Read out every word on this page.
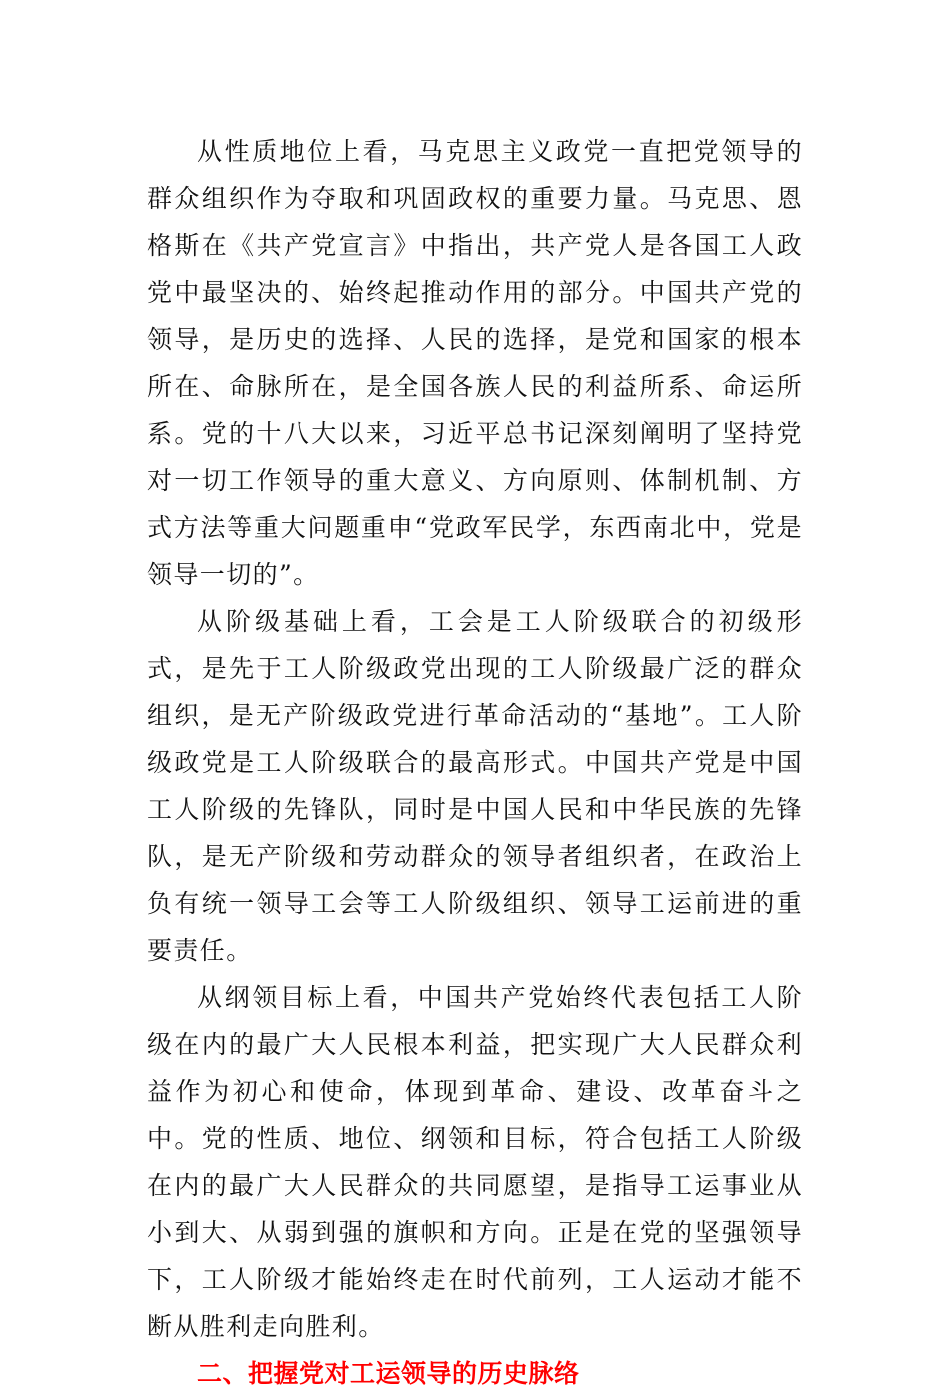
从性质地位上看，马克思主义政党一直把党领导的群众组织作为夺取和巩固政权的重要力量。马克思、恩格斯在《共产党宣言》中指出，共产党人是各国工人政党中最坚决的、始终起推动作用的部分。中国共产党的领导，是历史的选择、人民的选择，是党和国家的根本所在、命脉所在，是全国各族人民的利益所系、命运所系。党的十八大以来，习近平总书记深刻阐明了坚持党对一切工作领导的重大意义、方向原则、体制机制、方式方法等重大问题重申“党政军民学，东西南北中，党是领导一切的”。

从阶级基础上看，工会是工人阶级联合的初级形式，是先于工人阶级政党出现的工人阶级最广泛的群众组织，是无产阶级政党进行革命活动的“基地”。工人阶级政党是工人阶级联合的最高形式。中国共产党是中国工人阶级的先锋队，同时是中国人民和中华民族的先锋队，是无产阶级和劳动群众的领导者组织者，在政治上负有统一领导工会等工人阶级组织、领导工运前进的重要责任。

从纲领目标上看，中国共产党始终代表包括工人阶级在内的最广大人民根本利益，把实现广大人民群众利益作为初心和使命，体现到革命、建设、改革奋斗之中。党的性质、地位、纲领和目标，符合包括工人阶级在内的最广大人民群众的共同愿望，是指导工运事业从小到大、从弱到强的旗帜和方向。正是在党的坚强领导下，工人阶级才能始终走在时代前列，工人运动才能不断从胜利走向胜利。

二、把握党对工运领导的历史脉络
